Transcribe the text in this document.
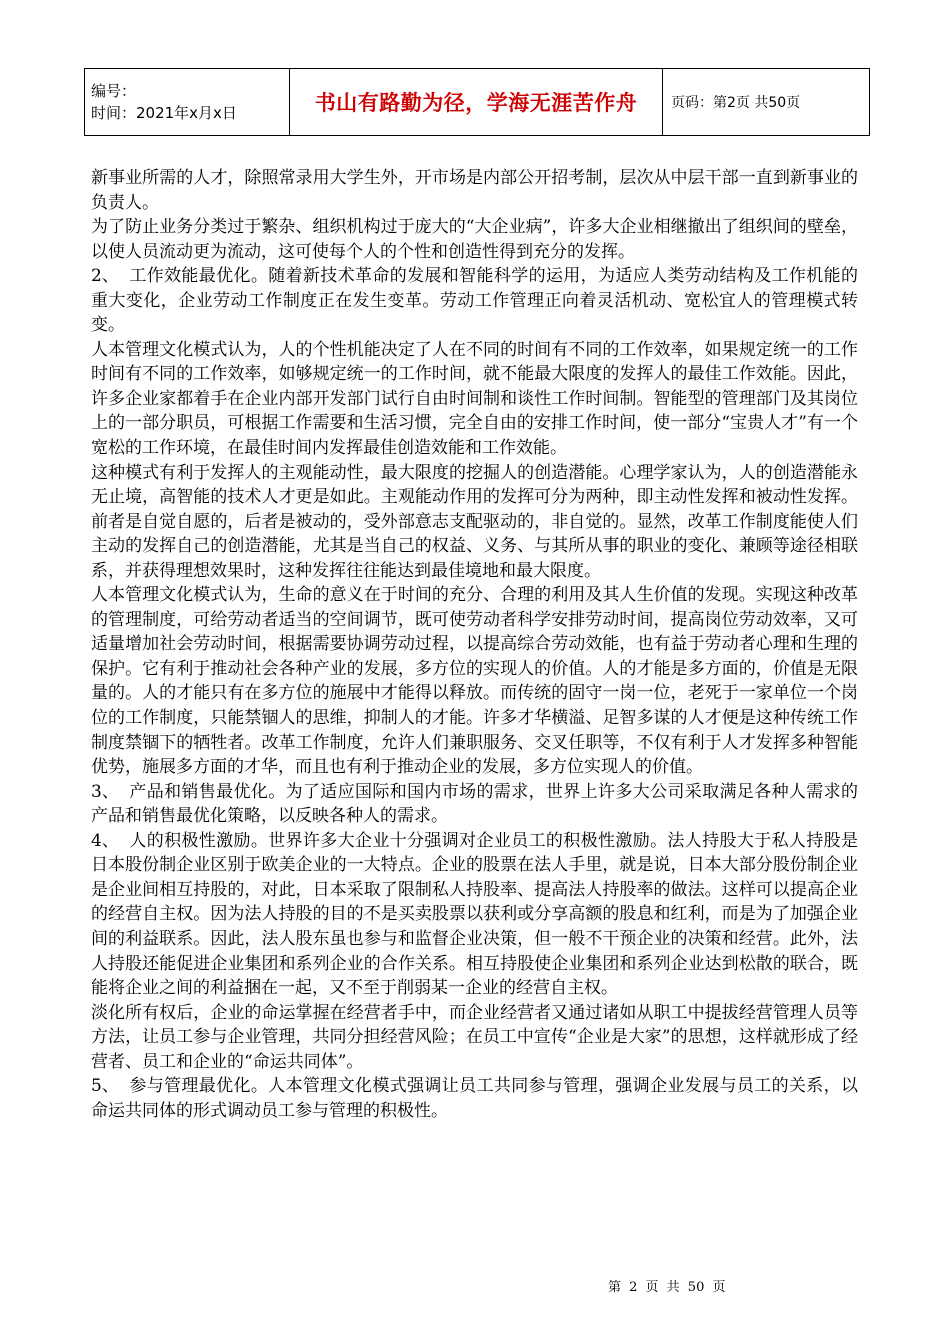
编号：
时间：2021年x月x日	书山有路勤为径，学海无涯苦作舟	页码：第2页 共50页

新事业所需的人才，除照常录用大学生外，开市场是内部公开招考制，层次从中层干部一直到新事业的负责人。

为了防止业务分类过于繁杂、组织机构过于庞大的“大企业病”，许多大企业相继撤出了组织间的壁垒，以使人员流动更为流动，这可使每个人的个性和创造性得到充分的发挥。

2、 工作效能最优化。随着新技术革命的发展和智能科学的运用，为适应人类劳动结构及工作机能的重大变化，企业劳动工作制度正在发生变革。劳动工作管理正向着灵活机动、宽松宜人的管理模式转变。

人本管理文化模式认为，人的个性机能决定了人在不同的时间有不同的工作效率，如果规定统一的工作时间有不同的工作效率，如够规定统一的工作时间，就不能最大限度的发挥人的最佳工作效能。因此，许多企业家都着手在企业内部开发部门试行自由时间制和谈性工作时间制。智能型的管理部门及其岗位上的一部分职员，可根据工作需要和生活习惯，完全自由的安排工作时间，使一部分“宝贵人才”有一个宽松的工作环境，在最佳时间内发挥最佳创造效能和工作效能。

这种模式有利于发挥人的主观能动性，最大限度的挖掘人的创造潜能。心理学家认为，人的创造潜能永无止境，高智能的技术人才更是如此。主观能动作用的发挥可分为两种，即主动性发挥和被动性发挥。前者是自觉自愿的，后者是被动的，受外部意志支配驱动的，非自觉的。显然，改革工作制度能使人们主动的发挥自己的创造潜能，尤其是当自己的权益、义务、与其所从事的职业的变化、兼顾等途径相联系，并获得理想效果时，这种发挥往往能达到最佳境地和最大限度。

人本管理文化模式认为，生命的意义在于时间的充分、合理的利用及其人生价值的发现。实现这种改革的管理制度，可给劳动者适当的空间调节，既可使劳动者科学安排劳动时间，提高岗位劳动效率，又可适量增加社会劳动时间，根据需要协调劳动过程，以提高综合劳动效能，也有益于劳动者心理和生理的保护。它有利于推动社会各种产业的发展，多方位的实现人的价值。人的才能是多方面的，价值是无限量的。人的才能只有在多方位的施展中才能得以释放。而传统的固守一岗一位，老死于一家单位一个岗位的工作制度，只能禁锢人的思维，抑制人的才能。许多才华横溢、足智多谋的人才便是这种传统工作制度禁锢下的牺牲者。改革工作制度，允许人们兼职服务、交叉任职等，不仅有利于人才发挥多种智能优势，施展多方面的才华，而且也有利于推动企业的发展，多方位实现人的价值。

3、 产品和销售最优化。为了适应国际和国内市场的需求，世界上许多大公司采取满足各种人需求的产品和销售最优化策略，以反映各种人的需求。

4、 人的积极性激励。世界许多大企业十分强调对企业员工的积极性激励。法人持股大于私人持股是日本股份制企业区别于欧美企业的一大特点。企业的股票在法人手里，就是说，日本大部分股份制企业是企业间相互持股的，对此，日本采取了限制私人持股率、提高法人持股率的做法。这样可以提高企业的经营自主权。因为法人持股的目的不是买卖股票以获利或分享高额的股息和红利，而是为了加强企业间的利益联系。因此，法人股东虽也参与和监督企业决策，但一般不干预企业的决策和经营。此外，法人持股还能促进企业集团和系列企业的合作关系。相互持股使企业集团和系列企业达到松散的联合，既能将企业之间的利益捆在一起，又不至于削弱某一企业的经营自主权。

淡化所有权后，企业的命运掌握在经营者手中，而企业经营者又通过诸如从职工中提拔经营管理人员等方法，让员工参与企业管理，共同分担经营风险；在员工中宣传“企业是大家”的思想，这样就形成了经营者、员工和企业的“命运共同体”。

5、 参与管理最优化。人本管理文化模式强调让员工共同参与管理，强调企业发展与员工的关系，以命运共同体的形式调动员工参与管理的积极性。

第 2 页 共 50 页
